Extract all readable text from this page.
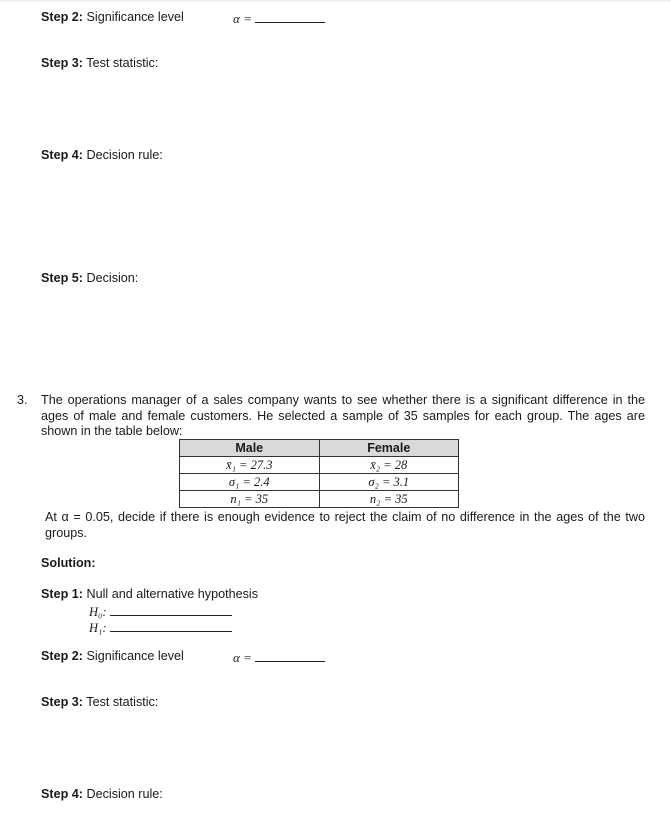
Step 2: Significance level	α =
Step 3: Test statistic:
Step 4: Decision rule:
Step 5: Decision:
3. The operations manager of a sales company wants to see whether there is a significant difference in the ages of male and female customers. He selected a sample of 35 samples for each group. The ages are shown in the table below:
Male	Female
x̄₁ = 27.3	x̄₂ = 28
σ₁ = 2.4	σ₂ = 3.1
n₁ = 35	n₂ = 35
At α = 0.05, decide if there is enough evidence to reject the claim of no difference in the ages of the two groups.
Solution:
Step 1: Null and alternative hypothesis
H₀:
H₁:
Step 2: Significance level	α =
Step 3: Test statistic:
Step 4: Decision rule:
